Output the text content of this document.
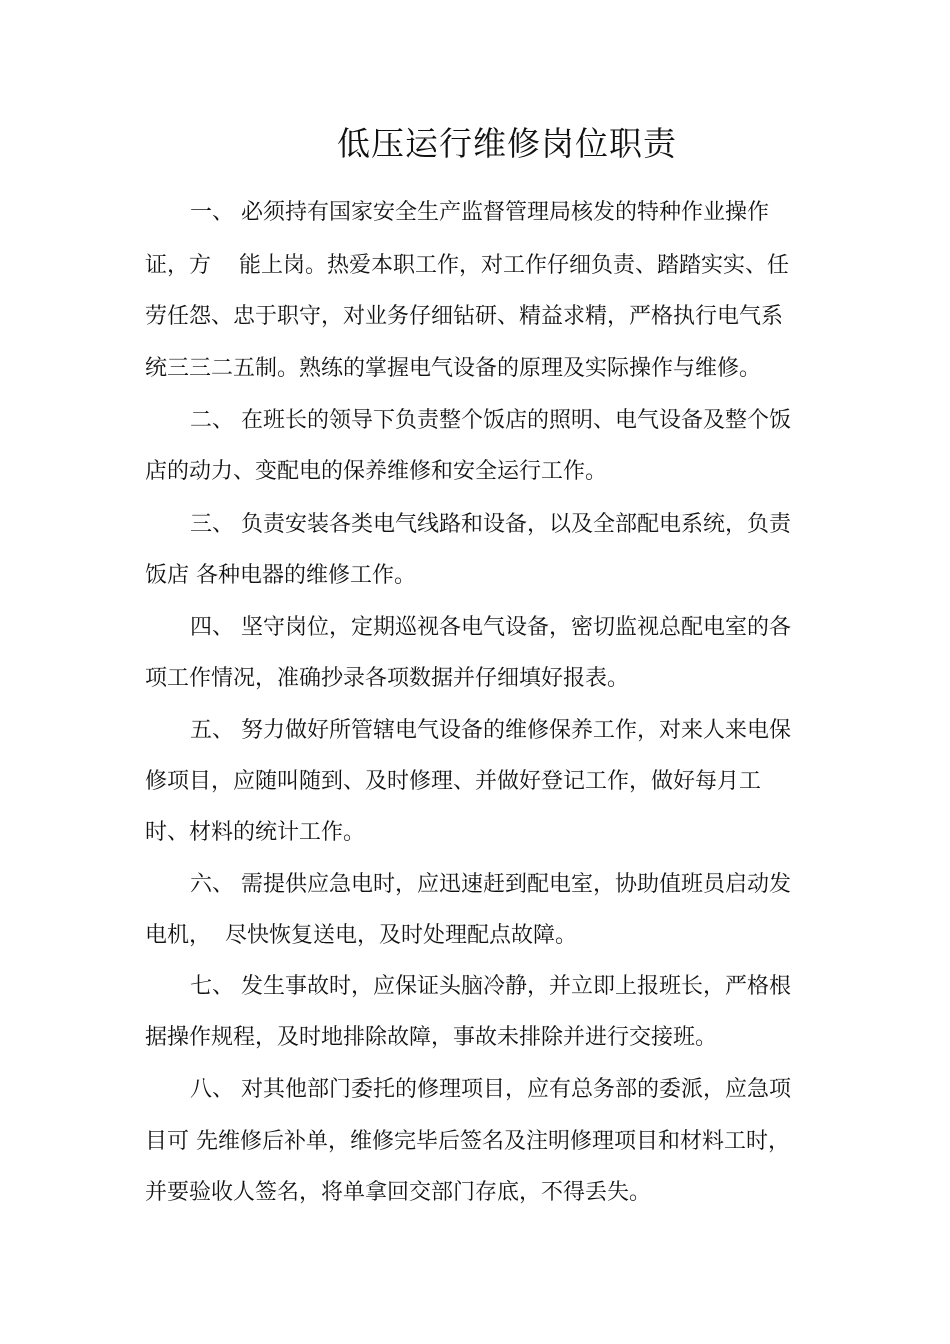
低压运行维修岗位职责
一、 必须持有国家安全生产监督管理局核发的特种作业操作
证，方    能上岗。热爱本职工作，对工作仔细负责、踏踏实实、任
劳任怨、忠于职守，对业务仔细钻研、精益求精，严格执行电气系
统三三二五制。熟练的掌握电气设备的原理及实际操作与维修。
二、 在班长的领导下负责整个饭店的照明、电气设备及整个饭
店的动力、变配电的保养维修和安全运行工作。
三、 负责安装各类电气线路和设备，以及全部配电系统，负责
饭店 各种电器的维修工作。
四、 坚守岗位，定期巡视各电气设备，密切监视总配电室的各
项工作情况，准确抄录各项数据并仔细填好报表。
五、 努力做好所管辖电气设备的维修保养工作，对来人来电保
修项目，应随叫随到、及时修理、并做好登记工作，做好每月工
时、材料的统计工作。
六、 需提供应急电时，应迅速赶到配电室，协助值班员启动发
电机，  尽快恢复送电，及时处理配点故障。
七、 发生事故时，应保证头脑冷静，并立即上报班长，严格根
据操作规程，及时地排除故障，事故未排除并进行交接班。
八、 对其他部门委托的修理项目，应有总务部的委派，应急项
目可 先维修后补单，维修完毕后签名及注明修理项目和材料工时，
并要验收人签名，将单拿回交部门存底，不得丢失。
